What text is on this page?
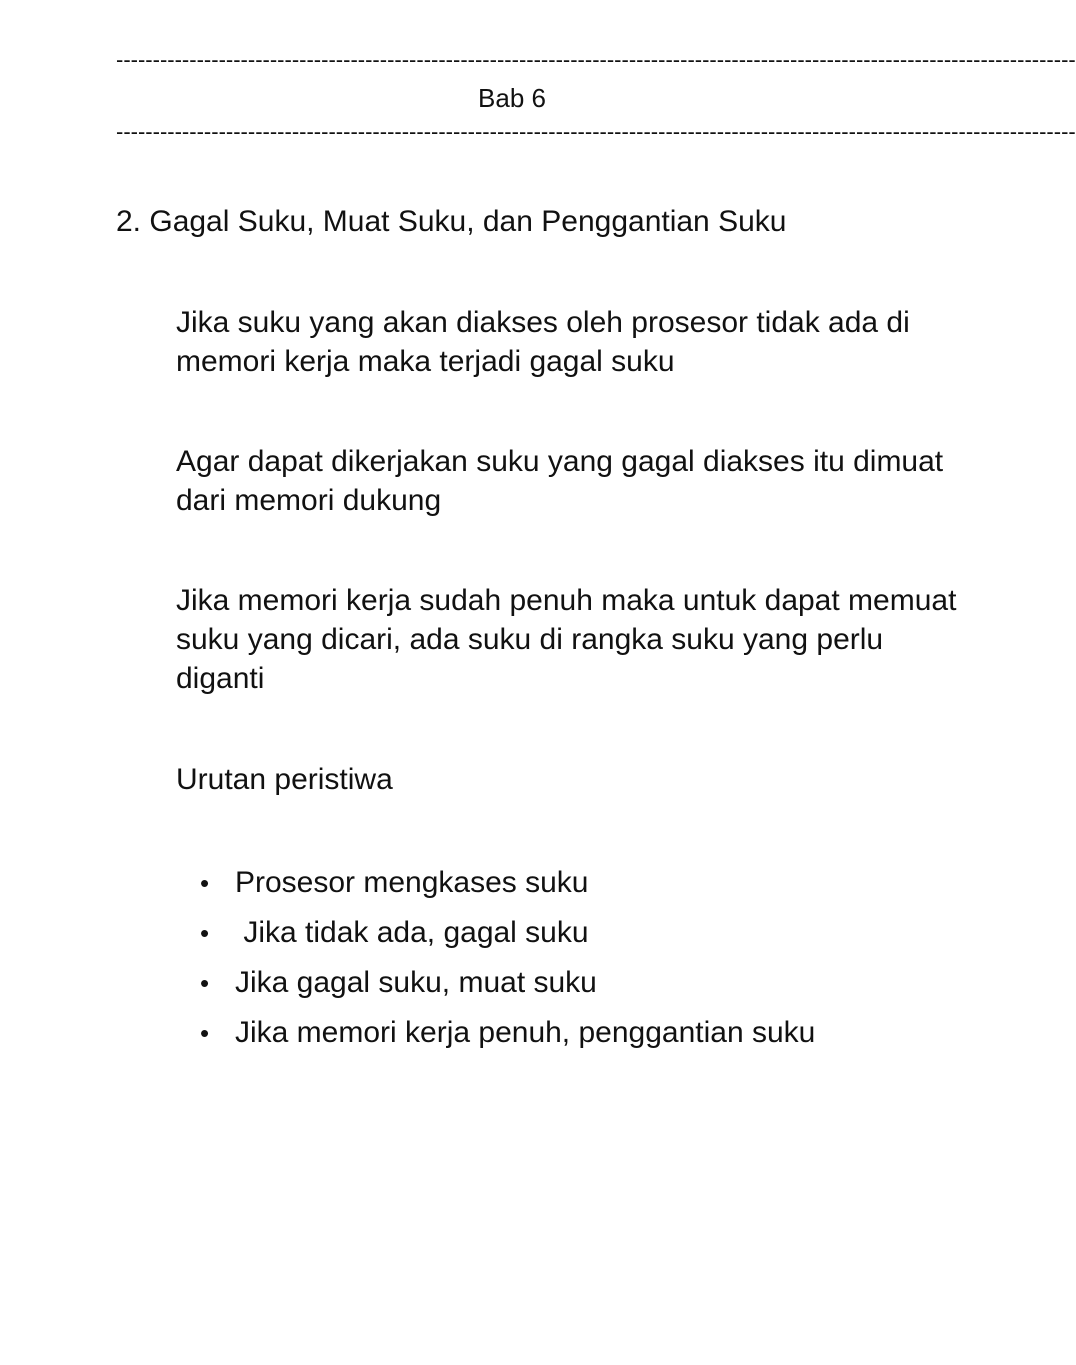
-----------------------------------------------------------------------------------------------------------------------------------
Bab 6
-----------------------------------------------------------------------------------------------------------------------------------
2. Gagal Suku, Muat Suku, dan Penggantian Suku
Jika suku yang akan diakses oleh prosesor tidak ada di memori kerja maka terjadi gagal suku
Agar dapat dikerjakan suku yang gagal diakses itu dimuat dari memori dukung
Jika memori kerja sudah penuh maka untuk dapat memuat suku yang dicari, ada suku di rangka suku yang perlu diganti
Urutan peristiwa
• Prosesor mengkases suku
• Jika tidak ada, gagal suku
• Jika gagal suku, muat suku
• Jika memori kerja penuh, penggantian suku
